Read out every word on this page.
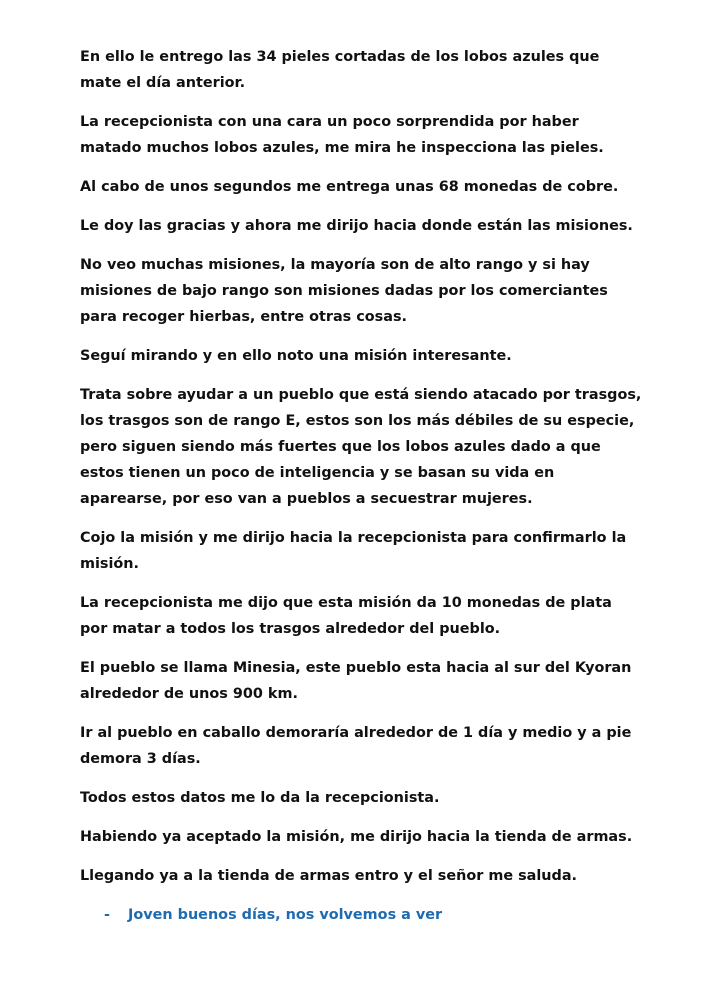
En ello le entrego las 34 pieles cortadas de los lobos azules que mate el día anterior.

La recepcionista con una cara un poco sorprendida por haber matado muchos lobos azules, me mira he inspecciona las pieles.

Al cabo de unos segundos me entrega unas 68 monedas de cobre.

Le doy las gracias y ahora me dirijo hacia donde están las misiones.

No veo muchas misiones, la mayoría son de alto rango y si hay misiones de bajo rango son misiones dadas por los comerciantes para recoger hierbas, entre otras cosas.

Seguí mirando y en ello noto una misión interesante.

Trata sobre ayudar a un pueblo que está siendo atacado por trasgos, los trasgos son de rango E, estos son los más débiles de su especie, pero siguen siendo más fuertes que los lobos azules dado a que estos tienen un poco de inteligencia y se basan su vida en aparearse, por eso van a pueblos a secuestrar mujeres.

Cojo la misión y me dirijo hacia la recepcionista para confirmarlo la misión.

La recepcionista me dijo que esta misión da 10 monedas de plata por matar a todos los trasgos alrededor del pueblo.

El pueblo se llama Minesia, este pueblo esta hacia al sur del Kyoran alrededor de unos 900 km.

Ir al pueblo en caballo demoraría alrededor de 1 día y medio y a pie demora 3 días.

Todos estos datos me lo da la recepcionista.

Habiendo ya aceptado la misión, me dirijo hacia la tienda de armas.

Llegando ya a la tienda de armas entro y el señor me saluda.

-	Joven buenos días, nos volvemos a ver
